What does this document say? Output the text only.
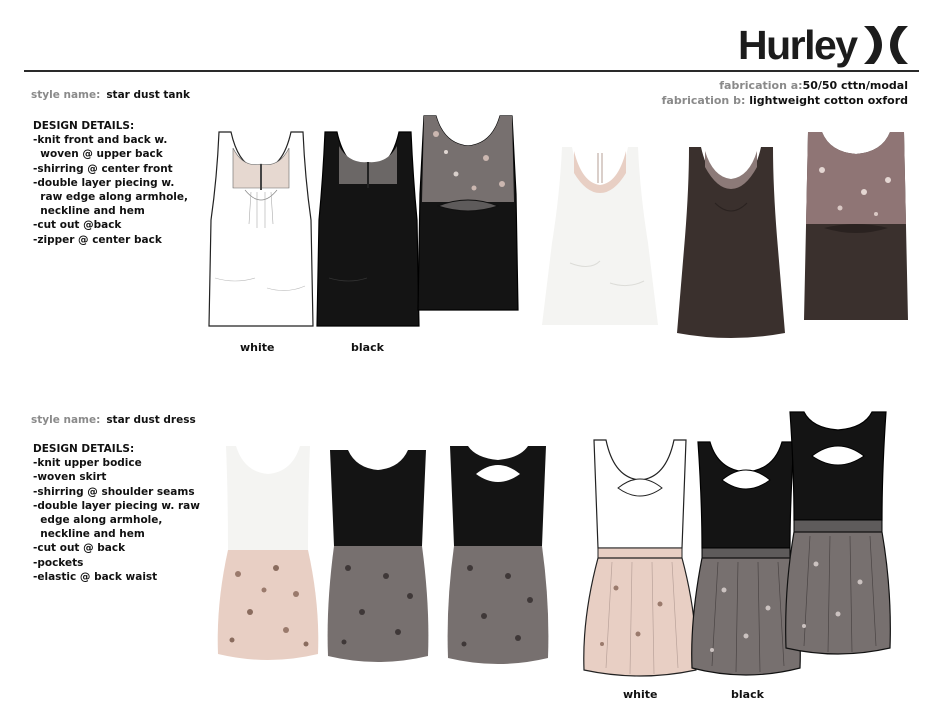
Hurley
fabrication a:50/50 cttn/modal
fabrication b: lightweight cotton oxford
style name: star dust tank
DESIGN DETAILS:
-knit front and back w.
woven @ upper back
-shirring @ center front
-double layer piecing w.
raw edge along armhole,
neckline and hem
-cut out @back
-zipper @ center back
white	black
style name: star dust dress
DESIGN DETAILS:
-knit upper bodice
-woven skirt
-shirring @ shoulder seams
-double layer piecing w. raw
edge along armhole,
neckline and hem
-cut out @ back
-pockets
-elastic @ back waist
white	black
